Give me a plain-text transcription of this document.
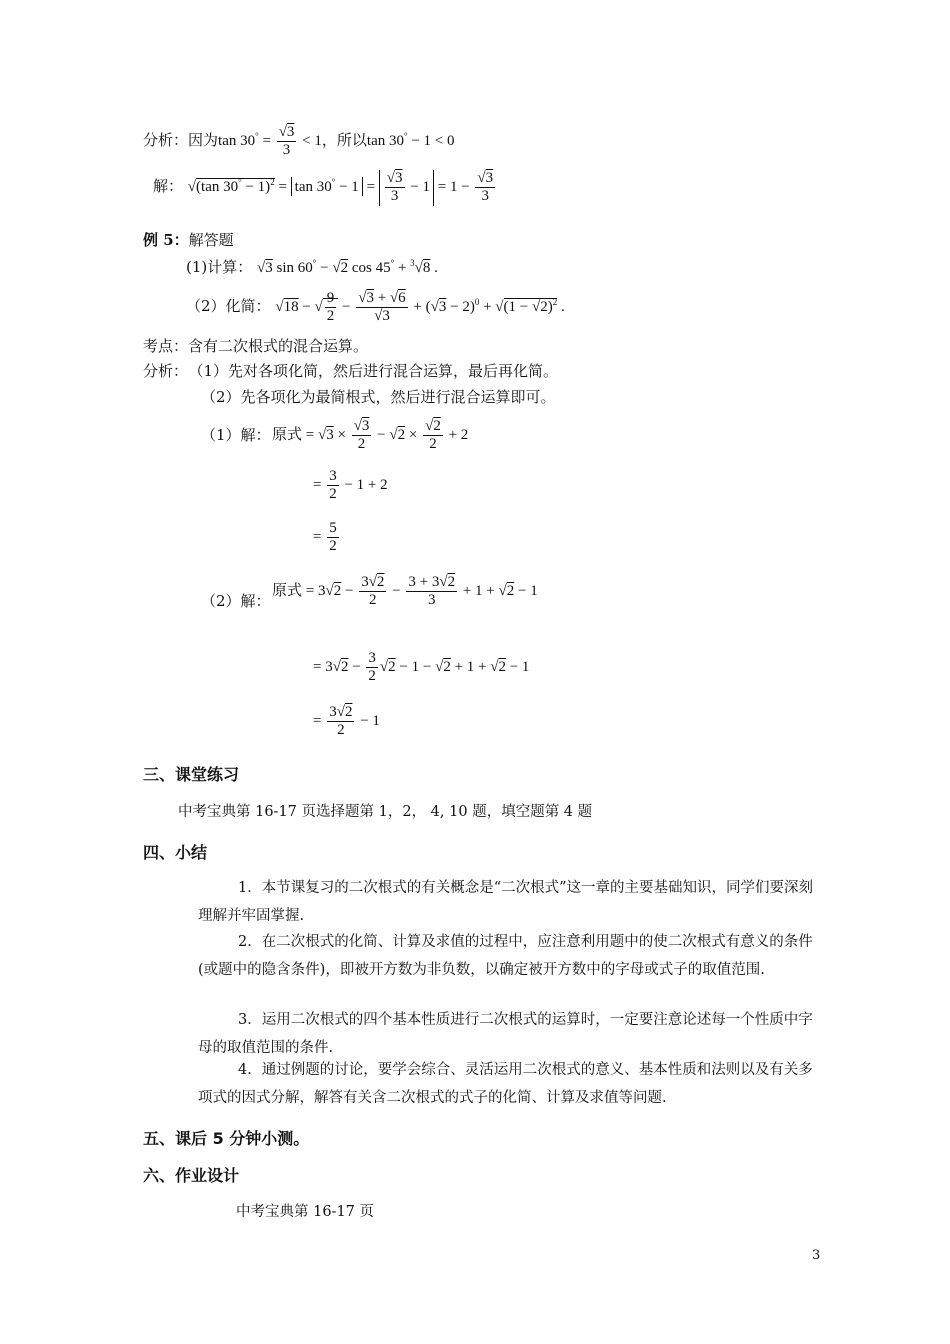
分析：因为$\tan 30^\circ = \frac{√3}{3} < 1$，所以tan 30° − 1 < 0
解： √(tan $30^\circ - 1)^2 = \tan 30^\circ - 1 = \frac{√3}{3} - 1 = 1 - \frac{√3}{3}$
例 5：解答题
(1)计算： √3 sin 60° − √2 cos 45° + $^3$√8 .
（2）化简： √18 − √ $\frac{9}{2} - \frac{√3 + √6}{√3} + (√3 - 2)^0 + √(1 - √2)^2$ .
考点：含有二次根式的混合运算。
分析： （1）先对各项化简，然后进行混合运算，最后再化简。
（2）先各项化为最简根式，然后进行混合运算即可。
（1）解： 原式 = $√3 \times \frac{√3}{2} - √2 \times \frac{√2}{2} + 2$
= $\frac{3}{2} - 1 + 2$
= $\frac{5}{2}$
（2）解：
原式 = $3√2 - \frac{3√2}{2} - \frac{3 + 3√2}{3} + 1 + √2 - 1$
= $3√2 - \frac{3}{2} √2 - 1 - √2 + 1 + √2 - 1$
= $\frac{3√2}{2} - 1$
三、课堂练习
中考宝典第 16-17 页选择题第 1，2， 4, 10 题，填空题第 4 题
四、小结
1．本节课复习的二次根式的有关概念是“二次根式”这一章的主要基础知识，同学们要深刻理解并牢固掌握.
2．在二次根式的化简、计算及求值的过程中，应注意利用题中的使二次根式有意义的条件(或题中的隐含条件)，即被开方数为非负数，以确定被开方数中的字母或式子的取值范围.
3．运用二次根式的四个基本性质进行二次根式的运算时，一定要注意论述每一个性质中字母的取值范围的条件.
4．通过例题的讨论，要学会综合、灵活运用二次根式的意义、基本性质和法则以及有关多项式的因式分解，解答有关含二次根式的式子的化简、计算及求值等问题.
五、课后 5 分钟小测。
六、作业设计
中考宝典第 16-17 页
3
